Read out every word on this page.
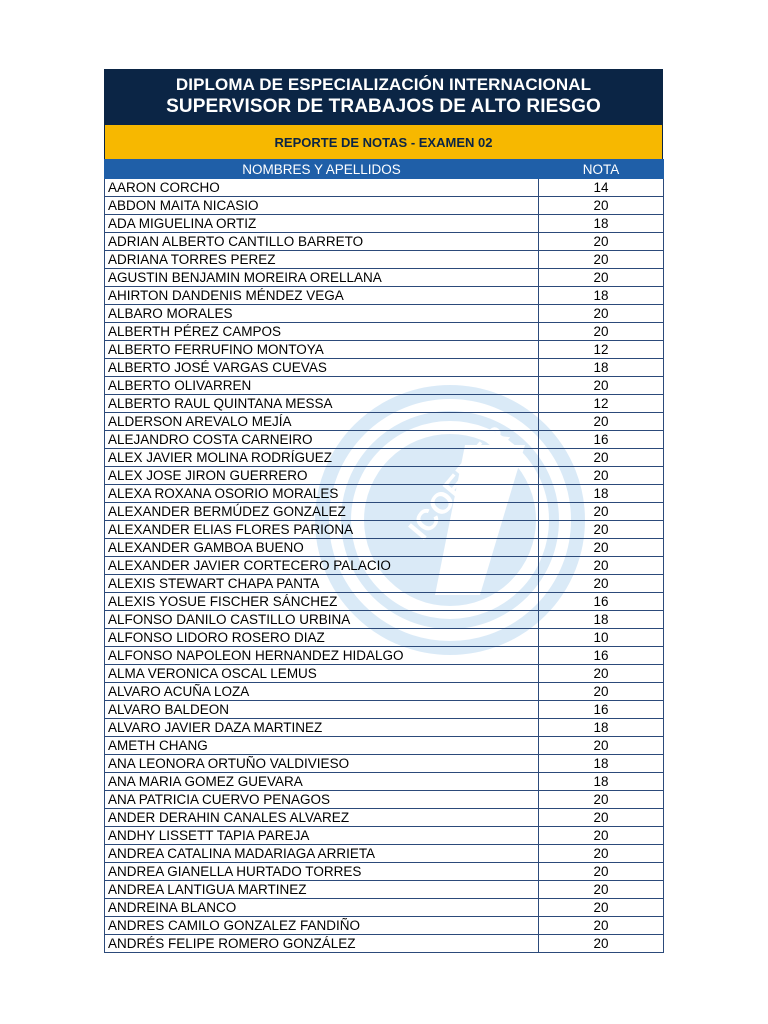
DIPLOMA DE ESPECIALIZACIÓN INTERNACIONAL
SUPERVISOR DE TRABAJOS DE ALTO RIESGO
REPORTE DE NOTAS - EXAMEN 02
NOMBRES Y APELLIDOS	NOTA
AARON CORCHO	14
ABDON MAITA NICASIO	20
ADA MIGUELINA ORTIZ	18
ADRIAN ALBERTO CANTILLO BARRETO	20
ADRIANA TORRES PEREZ	20
AGUSTIN BENJAMIN MOREIRA ORELLANA	20
AHIRTON DANDENIS MÉNDEZ VEGA	18
ALBARO MORALES	20
ALBERTH PÉREZ CAMPOS	20
ALBERTO FERRUFINO MONTOYA	12
ALBERTO JOSÉ VARGAS CUEVAS	18
ALBERTO OLIVARREN	20
ALBERTO RAUL QUINTANA MESSA	12
ALDERSON AREVALO MEJÍA	20
ALEJANDRO COSTA CARNEIRO	16
ALEX JAVIER MOLINA RODRÍGUEZ	20
ALEX JOSE JIRON GUERRERO	20
ALEXA ROXANA OSORIO MORALES	18
ALEXANDER BERMÚDEZ GONZALEZ	20
ALEXANDER ELIAS FLORES PARIONA	20
ALEXANDER GAMBOA BUENO	20
ALEXANDER JAVIER CORTECERO PALACIO	20
ALEXIS STEWART CHAPA PANTA	20
ALEXIS YOSUE FISCHER SÁNCHEZ	16
ALFONSO DANILO CASTILLO URBINA	18
ALFONSO LIDORO ROSERO DIAZ	10
ALFONSO NAPOLEON HERNANDEZ HIDALGO	16
ALMA VERONICA OSCAL LEMUS	20
ALVARO ACUÑA LOZA	20
ALVARO BALDEON	16
ALVARO JAVIER DAZA MARTINEZ	18
AMETH CHANG	20
ANA LEONORA ORTUÑO VALDIVIESO	18
ANA MARIA GOMEZ GUEVARA	18
ANA PATRICIA CUERVO PENAGOS	20
ANDER DERAHIN CANALES ALVAREZ	20
ANDHY LISSETT TAPIA PAREJA	20
ANDREA CATALINA MADARIAGA ARRIETA	20
ANDREA GIANELLA HURTADO TORRES	20
ANDREA LANTIGUA MARTINEZ	20
ANDREINA BLANCO	20
ANDRES CAMILO GONZALEZ FANDIÑO	20
ANDRÉS FELIPE ROMERO GONZÁLEZ	20
ICOEDER
